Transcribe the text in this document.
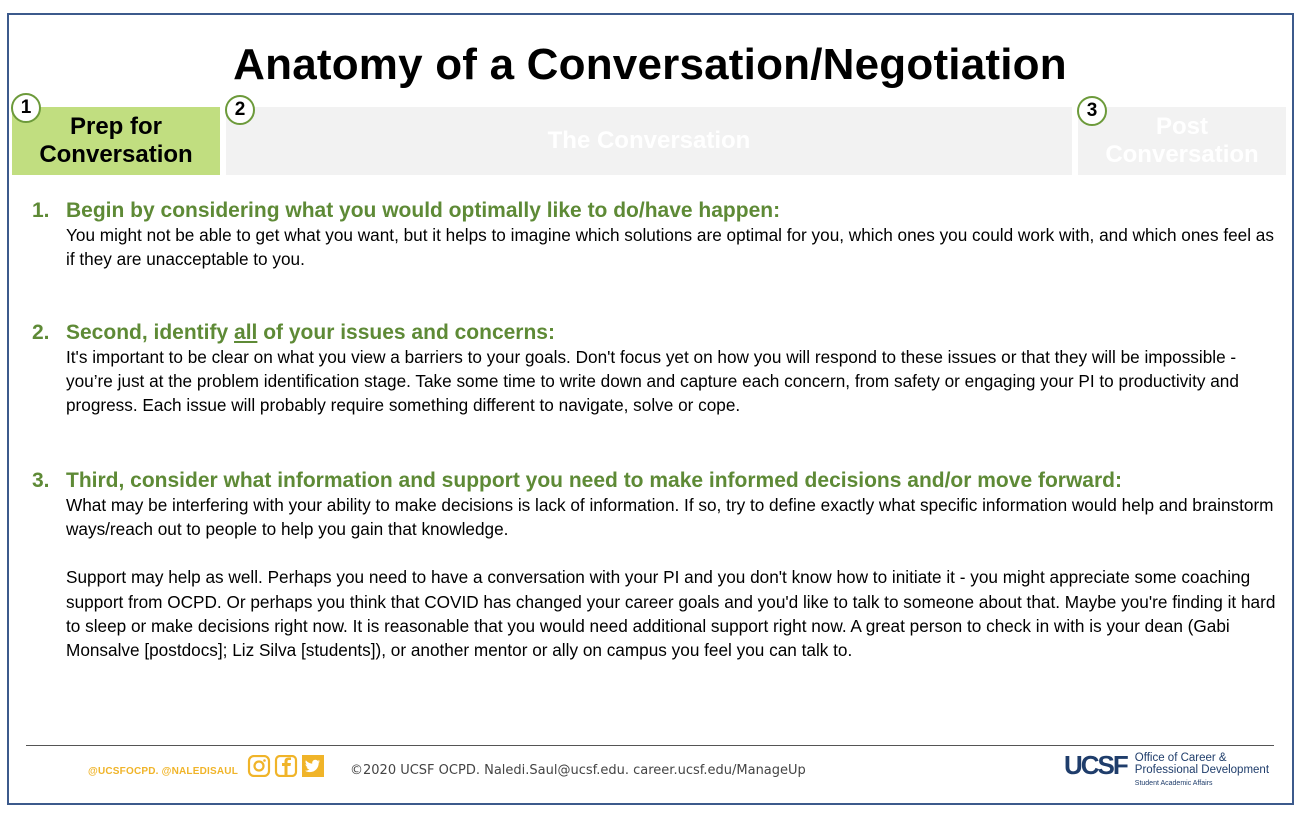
Anatomy of a Conversation/Negotiation
Prep for
Conversation
The Conversation
Post
Conversation
1	2	3
1. Begin by considering what you would optimally like to do/have happen:

You might not be able to get what you want, but it helps to imagine which solutions are optimal for you, which ones you could work with, and which ones feel as if they are unacceptable to you.

2. Second, identify all of your issues and concerns:

It's important to be clear on what you view a barriers to your goals. Don't focus yet on how you will respond to these issues or that they will be impossible - you’re just at the problem identification stage. Take some time to write down and capture each concern, from safety or engaging your PI to productivity and progress. Each issue will probably require something different to navigate, solve or cope.

3. Third, consider what information and support you need to make informed decisions and/or move forward:

What may be interfering with your ability to make decisions is lack of information. If so, try to define exactly what specific information would help and brainstorm ways/reach out to people to help you gain that knowledge.

Support may help as well. Perhaps you need to have a conversation with your PI and you don't know how to initiate it - you might appreciate some coaching support from OCPD. Or perhaps you think that COVID has changed your career goals and you'd like to talk to someone about that. Maybe you're finding it hard to sleep or make decisions right now. It is reasonable that you would need additional support right now. A great person to check in with is your dean (Gabi Monsalve [postdocs]; Liz Silva [students]), or another mentor or ally on campus you feel you can talk to.

@UCSFOCPD. @NALEDISAUL	©2020 UCSF OCPD. Naledi.Saul@ucsf.edu. career.ucsf.edu/ManageUp	UCSF Office of Career &
Professional Development
Student Academic Affairs
